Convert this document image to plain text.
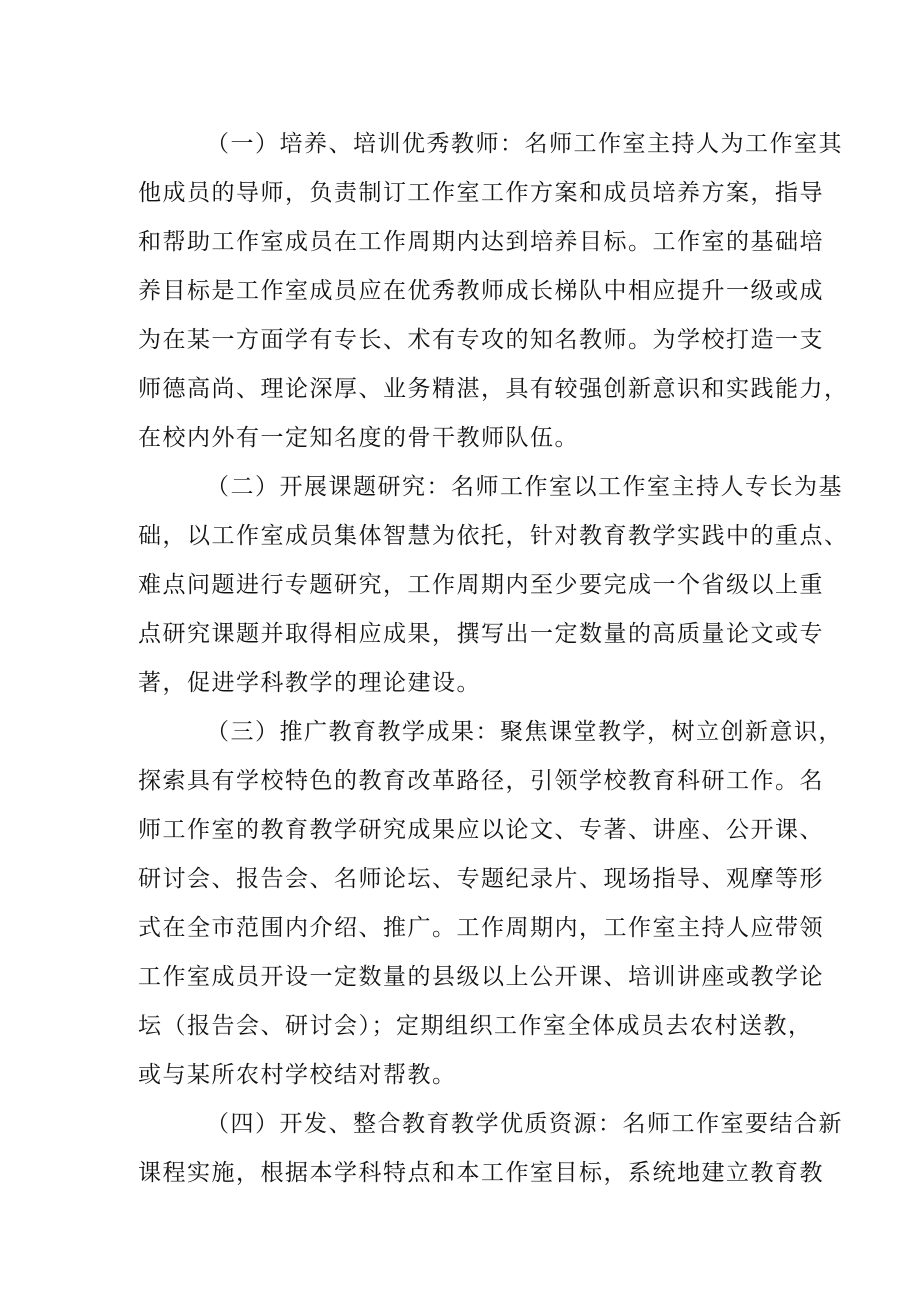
（一）培养、培训优秀教师：名师工作室主持人为工作室其
他成员的导师，负责制订工作室工作方案和成员培养方案，指导
和帮助工作室成员在工作周期内达到培养目标。工作室的基础培
养目标是工作室成员应在优秀教师成长梯队中相应提升一级或成
为在某一方面学有专长、术有专攻的知名教师。为学校打造一支
师德高尚、理论深厚、业务精湛，具有较强创新意识和实践能力，
在校内外有一定知名度的骨干教师队伍。
（二）开展课题研究：名师工作室以工作室主持人专长为基
础，以工作室成员集体智慧为依托，针对教育教学实践中的重点、
难点问题进行专题研究，工作周期内至少要完成一个省级以上重
点研究课题并取得相应成果，撰写出一定数量的高质量论文或专
著，促进学科教学的理论建设。
（三）推广教育教学成果：聚焦课堂教学，树立创新意识，
探索具有学校特色的教育改革路径，引领学校教育科研工作。名
师工作室的教育教学研究成果应以论文、专著、讲座、公开课、
研讨会、报告会、名师论坛、专题纪录片、现场指导、观摩等形
式在全市范围内介绍、推广。工作周期内，工作室主持人应带领
工作室成员开设一定数量的县级以上公开课、培训讲座或教学论
坛（报告会、研讨会）；定期组织工作室全体成员去农村送教，
或与某所农村学校结对帮教。
（四）开发、整合教育教学优质资源：名师工作室要结合新
课程实施，根据本学科特点和本工作室目标，系统地建立教育教
